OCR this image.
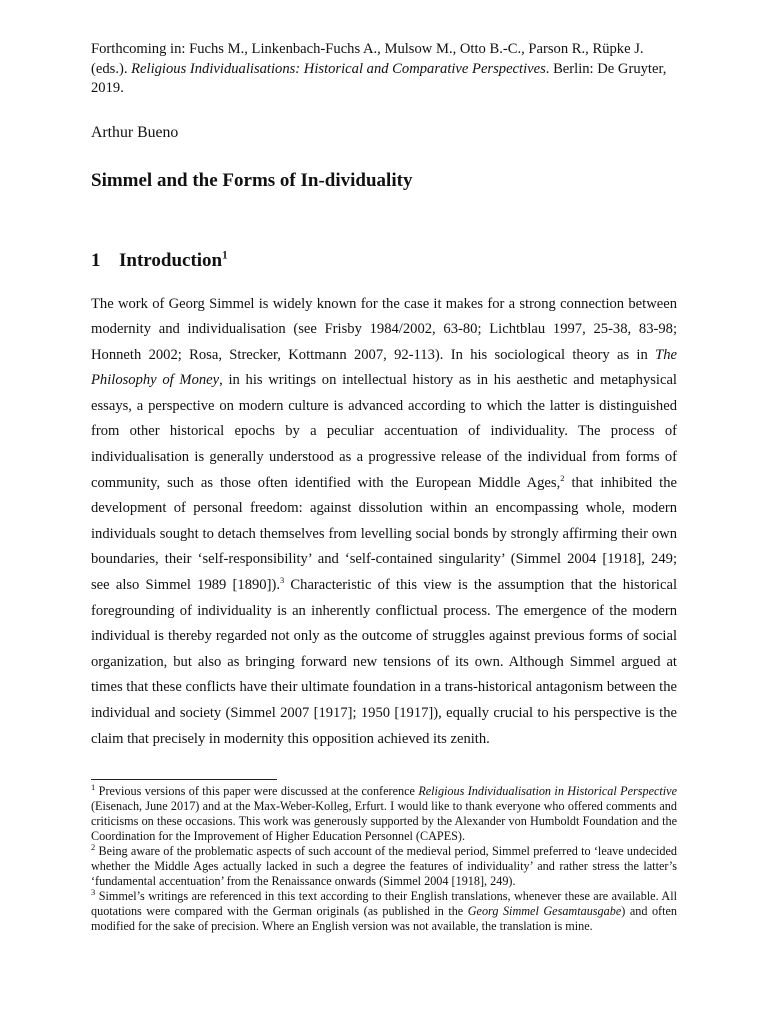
Forthcoming in: Fuchs M., Linkenbach-Fuchs A., Mulsow M., Otto B.-C., Parson R., Rüpke J. (eds.). Religious Individualisations: Historical and Comparative Perspectives. Berlin: De Gruyter, 2019.

Arthur Bueno

Simmel and the Forms of In-dividuality

1 Introduction$^1$

The work of Georg Simmel is widely known for the case it makes for a strong connection between modernity and individualisation (see Frisby 1984/2002, 63-80; Lichtblau 1997, 25-38, 83-98; Honneth 2002; Rosa, Strecker, Kottmann 2007, 92-113). In his sociological theory as in The Philosophy of Money, in his writings on intellectual history as in his aesthetic and metaphysical essays, a perspective on modern culture is advanced according to which the latter is distinguished from other historical epochs by a peculiar accentuation of individuality. The process of individualisation is generally understood as a progressive release of the individual from forms of community, such as those often identified with the European Middle Ages,$^2$ that inhibited the development of personal freedom: against dissolution within an encompassing whole, modern individuals sought to detach themselves from levelling social bonds by strongly affirming their own boundaries, their ‘self-responsibility’ and ‘self-contained singularity’ (Simmel 2004 [1918], 249; see also Simmel 1989 [1890]).$^3$ Characteristic of this view is the assumption that the historical foregrounding of individuality is an inherently conflictual process. The emergence of the modern individual is thereby regarded not only as the outcome of struggles against previous forms of social organization, but also as bringing forward new tensions of its own. Although Simmel argued at times that these conflicts have their ultimate foundation in a trans-historical antagonism between the individual and society (Simmel 2007 [1917]; 1950 [1917]), equally crucial to his perspective is the claim that precisely in modernity this opposition achieved its zenith.

$^1$ Previous versions of this paper were discussed at the conference Religious Individualisation in Historical Perspective (Eisenach, June 2017) and at the Max-Weber-Kolleg, Erfurt. I would like to thank everyone who offered comments and criticisms on these occasions. This work was generously supported by the Alexander von Humboldt Foundation and the Coordination for the Improvement of Higher Education Personnel (CAPES).

$^2$ Being aware of the problematic aspects of such account of the medieval period, Simmel preferred to ‘leave undecided whether the Middle Ages actually lacked in such a degree the features of individuality’ and rather stress the latter’s ‘fundamental accentuation’ from the Renaissance onwards (Simmel 2004 [1918], 249).

$^3$ Simmel’s writings are referenced in this text according to their English translations, whenever these are available. All quotations were compared with the German originals (as published in the Georg Simmel Gesamtausgabe) and often modified for the sake of precision. Where an English version was not available, the translation is mine.
